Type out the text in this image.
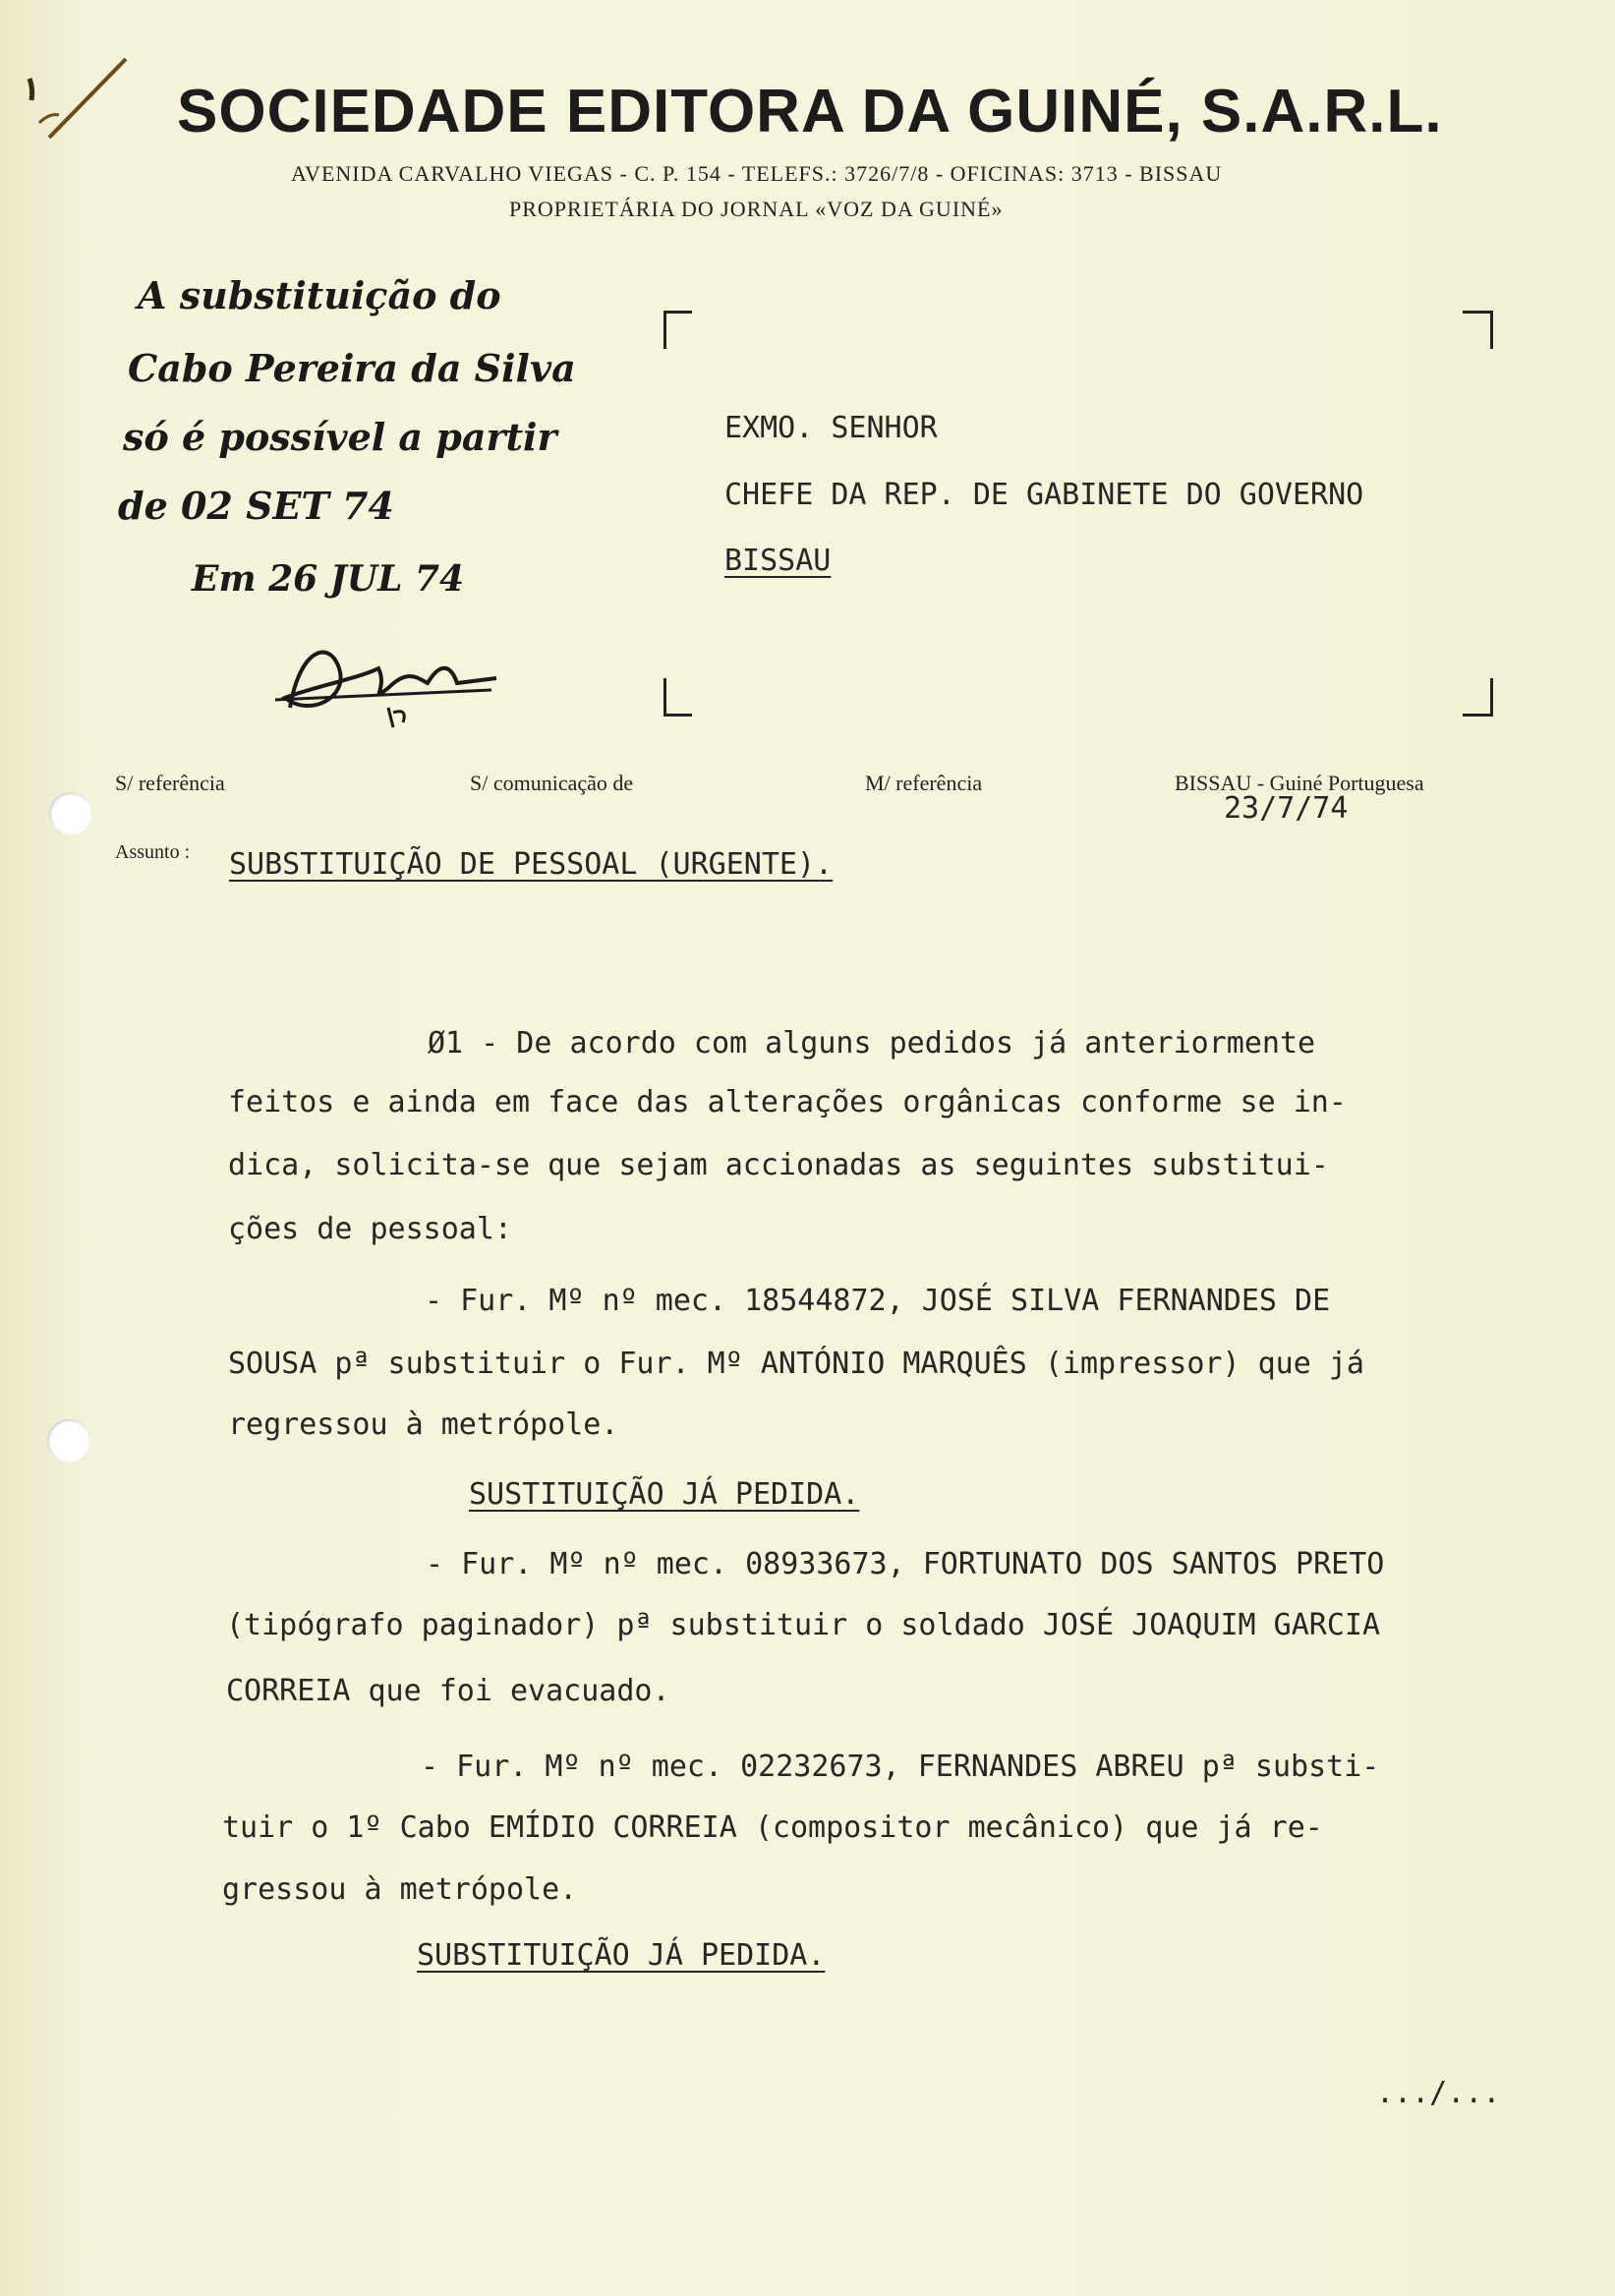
SOCIEDADE EDITORA DA GUINÉ, S.A.R.L.
AVENIDA CARVALHO VIEGAS - C. P. 154 - TELEFS.: 3726/7/8 - OFICINAS: 3713 - BISSAU
PROPRIETÁRIA DO JORNAL «VOZ DA GUINÉ»
A substituição do
Cabo Pereira da Silva
só é possível a partir
de 02 SET 74
Em 26 JUL 74
EXMO. SENHOR
CHEFE DA REP. DE GABINETE DO GOVERNO
BISSAU
S/ referência	S/ comunicação de	M/ referência	BISSAU - Guiné Portuguesa
23/7/74
Assunto : SUBSTITUIÇÃO DE PESSOAL (URGENTE).
Ø1 - De acordo com alguns pedidos já anteriormente
feitos e ainda em face das alterações orgânicas conforme se in-
dica, solicita-se que sejam accionadas as seguintes substitui-
ções de pessoal:
- Fur. Mº nº mec. 18544872, JOSÉ SILVA FERNANDES DE
SOUSA pª substituir o Fur. Mº ANTÓNIO MARQUÊS (impressor) que já
regressou à metrópole.
SUSTITUIÇÃO JÁ PEDIDA.
- Fur. Mº nº mec. 08933673, FORTUNATO DOS SANTOS PRETO
(tipógrafo paginador) pª substituir o soldado JOSÉ JOAQUIM GARCIA
CORREIA que foi evacuado.
- Fur. Mº nº mec. 02232673, FERNANDES ABREU pª substi-
tuir o 1º Cabo EMÍDIO CORREIA (compositor mecânico) que já re-
gressou à metrópole.
SUBSTITUIÇÃO JÁ PEDIDA.
.../...
